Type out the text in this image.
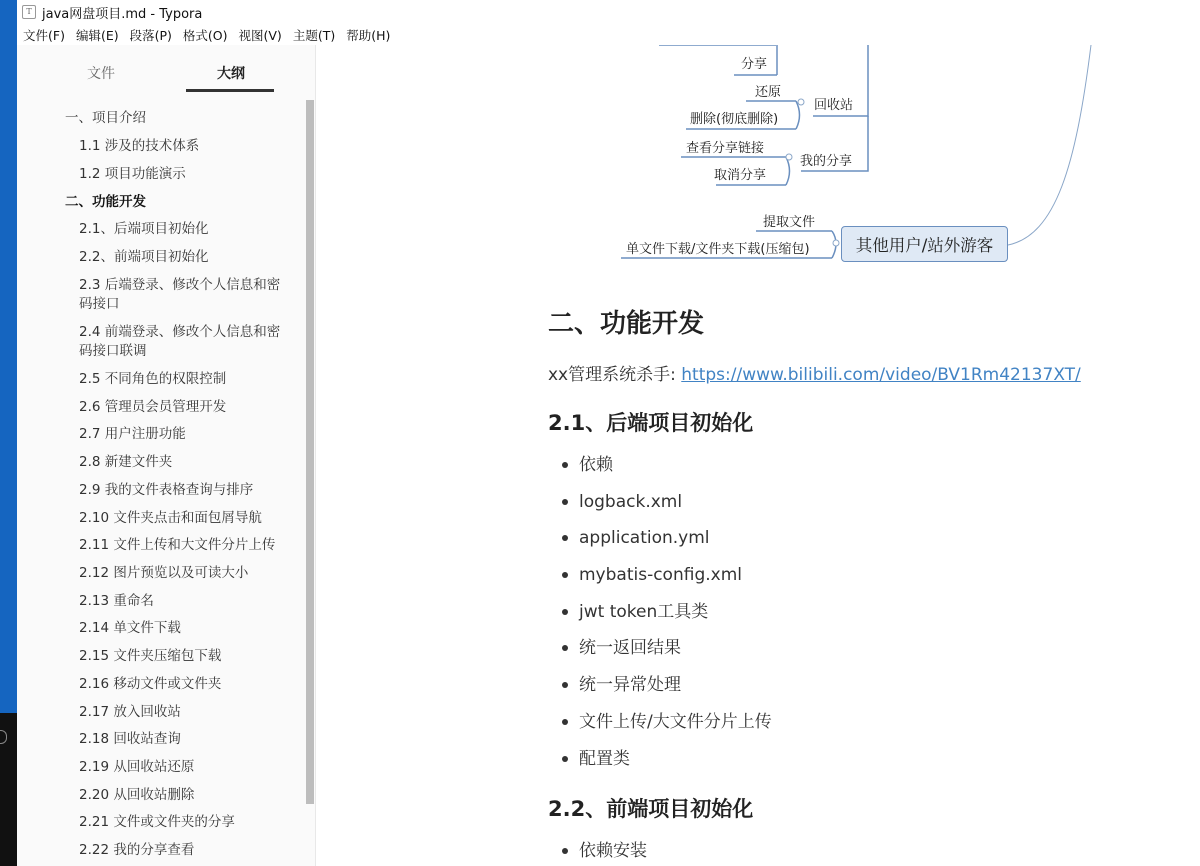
T java网盘项目.md - Typora
文件(F) 编辑(E) 段落(P) 格式(O) 视图(V) 主题(T) 帮助(H)
文件	大纲
一、项目介绍
1.1 涉及的技术体系
1.2 项目功能演示
二、功能开发
2.1、后端项目初始化
2.2、前端项目初始化
2.3 后端登录、修改个人信息和密码接口
2.4 前端登录、修改个人信息和密码接口联调
2.5 不同角色的权限控制
2.6 管理员会员管理开发
2.7 用户注册功能
2.8 新建文件夹
2.9 我的文件表格查询与排序
2.10 文件夹点击和面包屑导航
2.11 文件上传和大文件分片上传
2.12 图片预览以及可读大小
2.13 重命名
2.14 单文件下载
2.15 文件夹压缩包下载
2.16 移动文件或文件夹
2.17 放入回收站
2.18 回收站查询
2.19 从回收站还原
2.20 从回收站删除
2.21 文件或文件夹的分享
2.22 我的分享查看
分享
还原
回收站
删除(彻底删除)
查看分享链接
我的分享
取消分享
提取文件
单文件下载/文件夹下载(压缩包)	其他用户/站外游客
二、功能开发
xx管理系统杀手: https://www.bilibili.com/video/BV1Rm42137XT/
2.1、后端项目初始化
依赖
logback.xml
application.yml
mybatis-config.xml
jwt token工具类
统一返回结果
统一异常处理
文件上传/大文件分片上传
配置类
2.2、前端项目初始化
依赖安装
